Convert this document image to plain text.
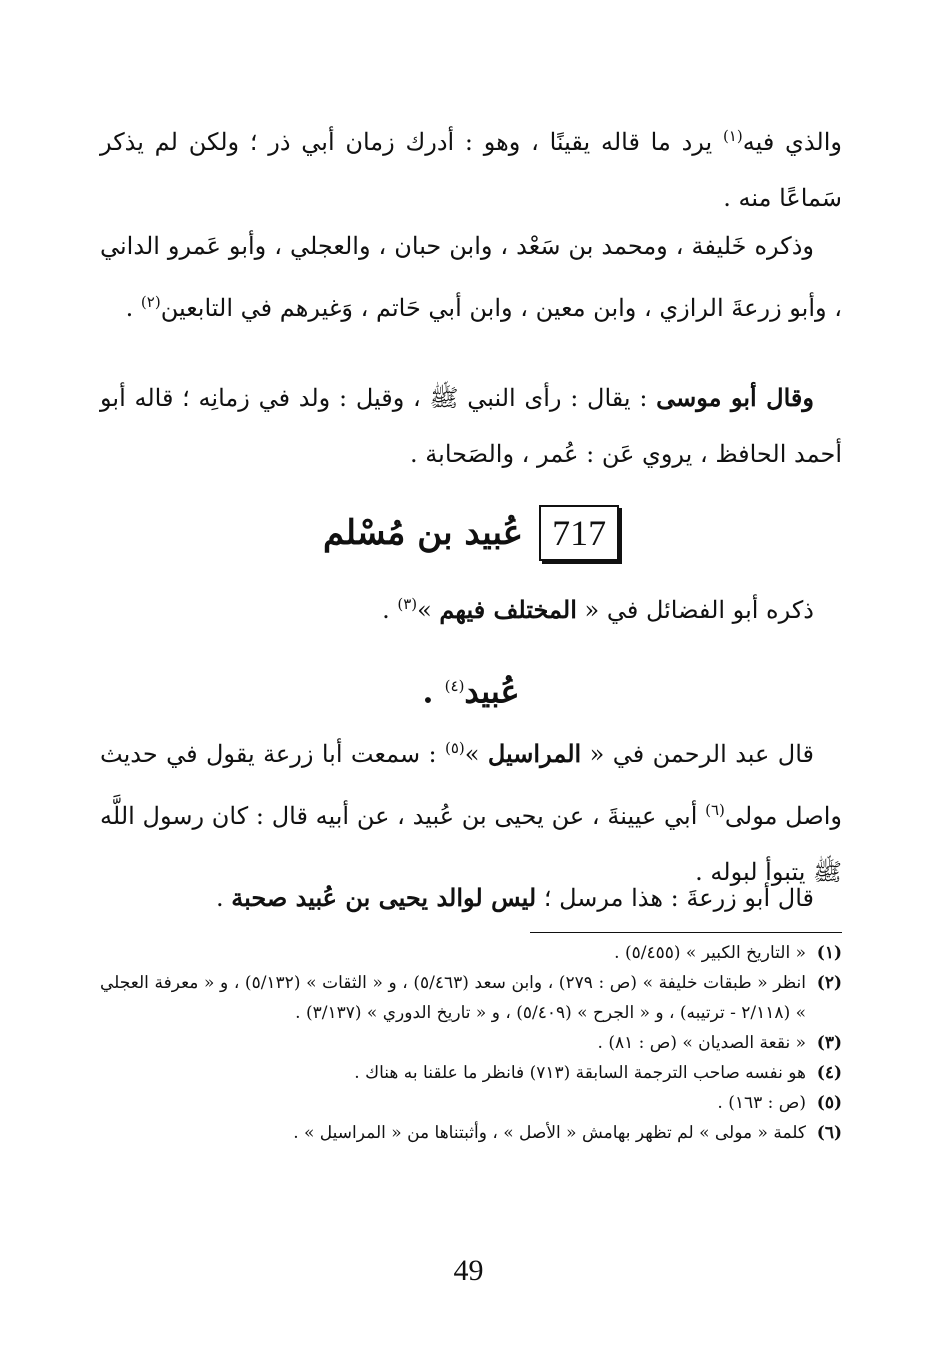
والذي فيه$^{(١)}$ يرد ما قاله يقينًا ، وهو : أدرك زمان أبي ذر ؛ ولكن لم يذكر سَماعًا منه .

وذكره خَليفة ، ومحمد بن سَعْد ، وابن حبان ، والعجلي ، وأبو عَمرو الداني ، وأبو زرعةَ الرازي ، وابن معين ، وابن أبي حَاتم ، وَغيرهم في التابعين$^{(٢)}$ .

وقال أبو موسى : يقال : رأى النبي ﷺ ، وقيل : ولد في زمانِه ؛ قاله أبو أحمد الحافظ ، يروي عَن : عُمر ، والصَحابة .

717
عُبيد بن مُسْلم

ذكره أبو الفضائل في « المختلف فيهم »$^{(٣)}$ .

عُبيد$^{(٤)}$ .

قال عبد الرحمن في « المراسيل »$^{(٥)}$ : سمعت أبا زرعة يقول في حديث واصل مولى$^{(٦)}$ أبي عيينةَ ، عن يحيى بن عُبيد ، عن أبيه قال : كان رسول اللَّه ﷺ يتبوأ لبوله .

قال أبو زرعةَ : هذا مرسل ؛ ليس لوالد يحيى بن عُبيد صحبة .

(١)
« التاريخ الكبير » (٥/٤٥٥) .
(٢)
انظر « طبقات خليفة » (ص : ٢٧٩) ، وابن سعد (٥/٤٦٣) ، و « الثقات » (٥/١٣٢) ، و « معرفة العجلي » (٢/١١٨ - ترتيبه) ، و « الجرح » (٥/٤٠٩) ، و « تاريخ الدوري » (٣/١٣٧) .
(٣)
« نقعة الصديان » (ص : ٨١) .
(٤)
هو نفسه صاحب الترجمة السابقة (٧١٣) فانظر ما علقنا به هناك .
(٥)
(ص : ١٦٣) .
(٦)
كلمة « مولى » لم تظهر بهامش « الأصل » ، وأثبتناها من « المراسيل » .
49
